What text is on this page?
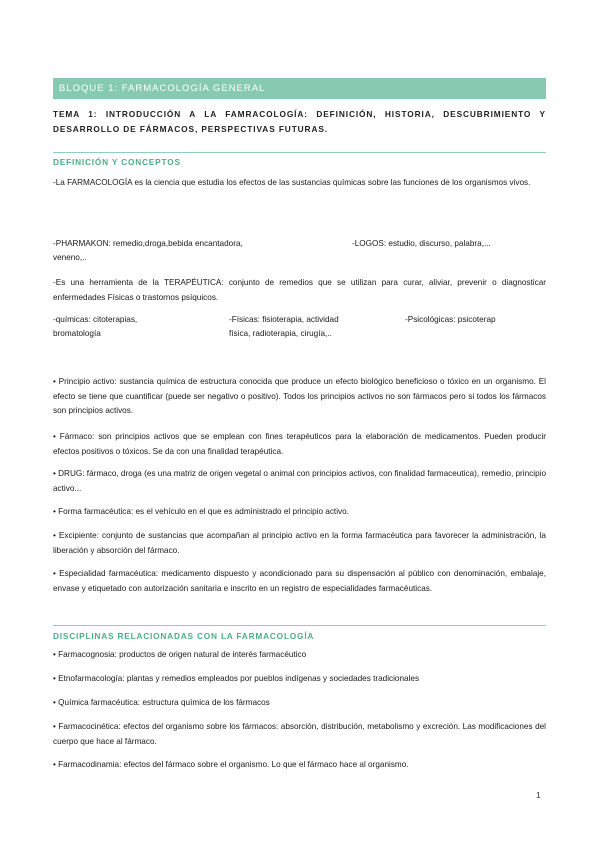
BLOQUE 1: FARMACOLOGÍA GENERAL
TEMA 1: INTRODUCCIÓN A LA FAMRACOLOGÍA: DEFINICIÓN, HISTORIA, DESCUBRIMIENTO Y DESARROLLO DE FÁRMACOS, PERSPECTIVAS FUTURAS.
DEFINICIÓN Y CONCEPTOS
-La FARMACOLOGÍA es la ciencia que estudia los efectos de las sustancias químicas sobre las funciones de los organismos vivos.
-PHARMAKON: remedio,droga,bebida encantadora,
veneno,..
-LOGOS: estudio, discurso, palabra,...
-Es una herramienta de la TERAPÉUTICA: conjunto de remedios que se utilizan para curar, aliviar, prevenir o diagnosticar enfermedades Físicas o trastornos psíquicos.
-químicas: citoterapias,
bromatología
-Físicas: fisioterapia, actividad
física, radioterapia, cirugía,..
-Psicológicas: psicoterap
• Principio activo: sustancia química de estructura conocida que produce un efecto biológico beneficioso o tóxico en un organismo. El efecto se tiene que cuantificar (puede ser negativo o positivo). Todos los principios activos no son fármacos pero si todos los fármacos son principios activos.
• Fármaco: son principios activos que se emplean con fines terapéuticos para la elaboración de medicamentos. Pueden producir efectos positivos o tóxicos. Se da con una finalidad terapéutica.
• DRUG: fármaco, droga (es una matriz de origen vegetal o animal con principios activos, con finalidad farmaceutica), remedio, principio activo...
• Forma farmacéutica: es el vehículo en el que es administrado el principio activo.
• Excipiente: conjunto de sustancias que acompañan al principio activo en la forma farmacéutica para favorecer la administración, la liberación y absorción del fármaco.
• Especialidad farmacéutica: medicamento dispuesto y acondicionado para su dispensación al público con denominación, embalaje, envase y etiquetado con autorización sanitaria e inscrito en un registro de especialidades farmacéuticas.
DISCIPLINAS RELACIONADAS CON LA FARMACOLOGÍA
• Farmacognosia: productos de origen natural de interés farmacéutico
• Etnofarmacología: plantas y remedios empleados por pueblos indígenas y sociedades tradicionales
• Química farmacéutica: estructura química de los fármacos
• Farmacocinética: efectos del organismo sobre los fármacos: absorción, distribución, metabolismo y excreción. Las modificaciones del cuerpo que hace al fármaco.
• Farmacodinamia: efectos del fármaco sobre el organismo. Lo que el fármaco hace al organismo.
1
